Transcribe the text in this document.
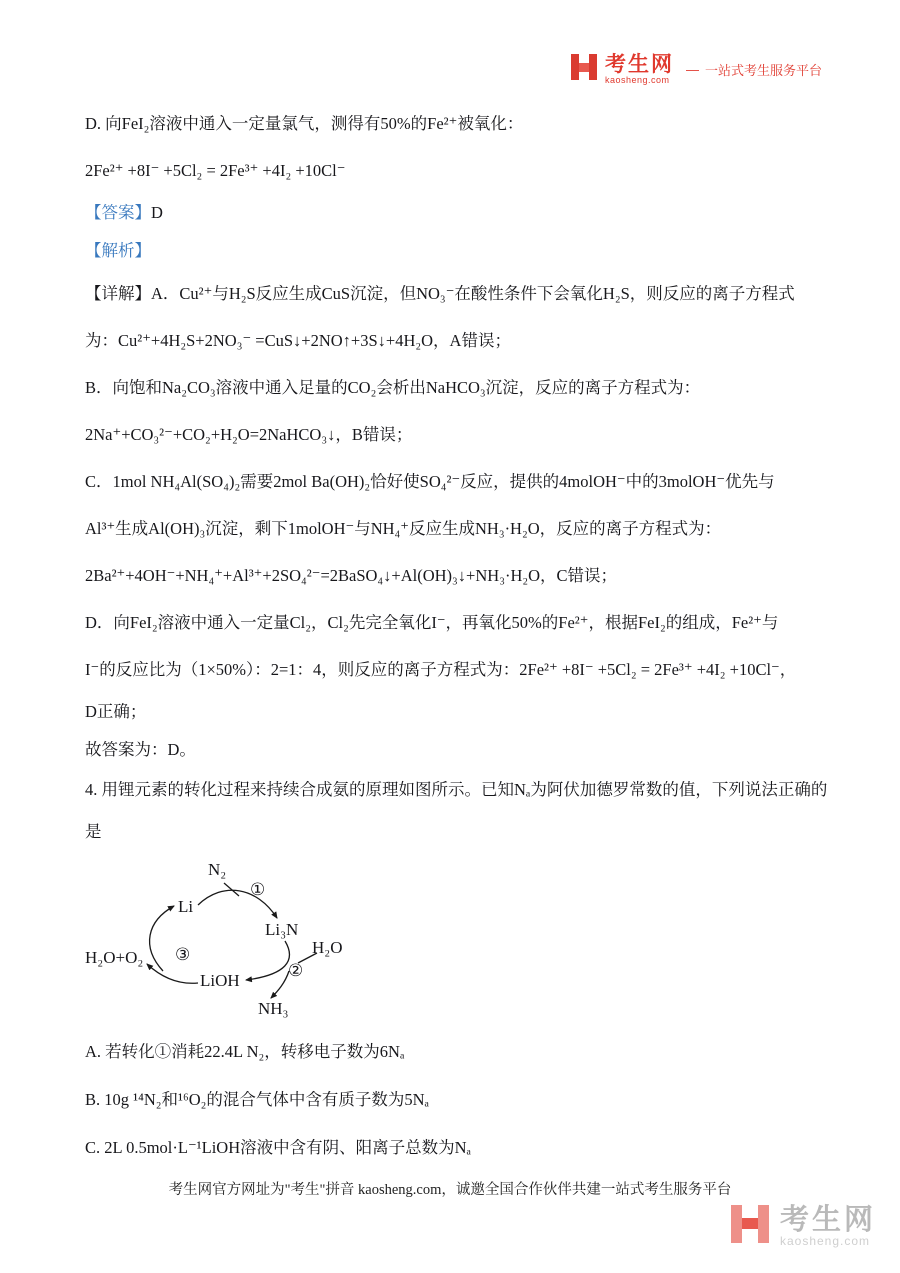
考生网
kaosheng.com
— 一站式考生服务平台
D. 向FeI₂溶液中通入一定量氯气，测得有50%的Fe²⁺被氧化：
2Fe²⁺ +8I⁻ +5Cl₂ = 2Fe³⁺ +4I₂ +10Cl⁻
【答案】D
【解析】
【详解】A．Cu²⁺与H₂S反应生成CuS沉淀，但NO₃⁻在酸性条件下会氧化H₂S，则反应的离子方程式
为：Cu²⁺+4H₂S+2NO₃⁻ =CuS↓+2NO↑+3S↓+4H₂O，A错误；
B．向饱和Na₂CO₃溶液中通入足量的CO₂会析出NaHCO₃沉淀，反应的离子方程式为：
2Na⁺+CO₃²⁻+CO₂+H₂O=2NaHCO₃↓，B错误；
C．1mol NH₄Al(SO₄)₂需要2mol Ba(OH)₂恰好使SO₄²⁻反应，提供的4molOH⁻中的3molOH⁻优先与
Al³⁺生成Al(OH)₃沉淀，剩下1molOH⁻与NH₄⁺反应生成NH₃·H₂O，反应的离子方程式为：
2Ba²⁺+4OH⁻+NH₄⁺+Al³⁺+2SO₄²⁻=2BaSO₄↓+Al(OH)₃↓+NH₃·H₂O，C错误；
D．向FeI₂溶液中通入一定量Cl₂，Cl₂先完全氧化I⁻，再氧化50%的Fe²⁺，根据FeI₂的组成，Fe²⁺与
I⁻的反应比为（1×50%）：2=1：4，则反应的离子方程式为：2Fe²⁺ +8I⁻ +5Cl₂ = 2Fe³⁺ +4I₂ +10Cl⁻，
D正确；
故答案为：D。
4. 用锂元素的转化过程来持续合成氨的原理如图所示。已知Nₐ为阿伏加德罗常数的值，下列说法正确的
是
N₂
①
Li
Li₃N
H₂O
③
H₂O+O₂
②
LiOH
NH₃
A. 若转化①消耗22.4L N₂，转移电子数为6Nₐ
B. 10g ¹⁴N₂和¹⁶O₂的混合气体中含有质子数为5Nₐ
C. 2L 0.5mol·L⁻¹LiOH溶液中含有阴、阳离子总数为Nₐ
考生网官方网址为"考生"拼音 kaosheng.com，诚邀全国合作伙伴共建一站式考生服务平台
考生网
kaosheng.com
